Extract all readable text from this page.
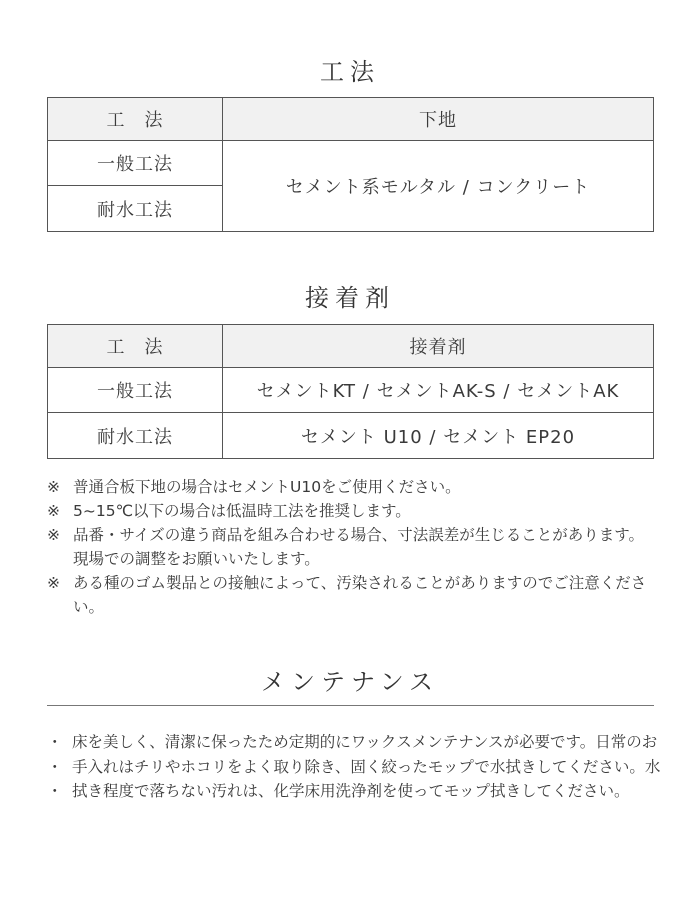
工法
工　法	下地
一般工法	セメント系モルタル / コンクリート
耐水工法	
接着剤
工　法	接着剤
一般工法	セメントKT / セメントAK-S / セメントAK
耐水工法	セメント U10 / セメント EP20
※ 普通合板下地の場合はセメントU10をご使用ください。
※ 5~15℃以下の場合は低温時工法を推奨します。
※ 品番・サイズの違う商品を組み合わせる場合、寸法誤差が生じることがあります。現場での調整をお願いいたします。
※ ある種のゴム製品との接触によって、汚染されることがありますのでご注意ください。
メンテナンス
・
・
・
床を美しく、清潔に保ったため定期的にワックスメンテナンスが必要です。日常のお手入れはチリやホコリをよく取り除き、固く絞ったモップで水拭きしてください。水拭き程度で落ちない汚れは、化学床用洗浄剤を使ってモップ拭きしてください。
